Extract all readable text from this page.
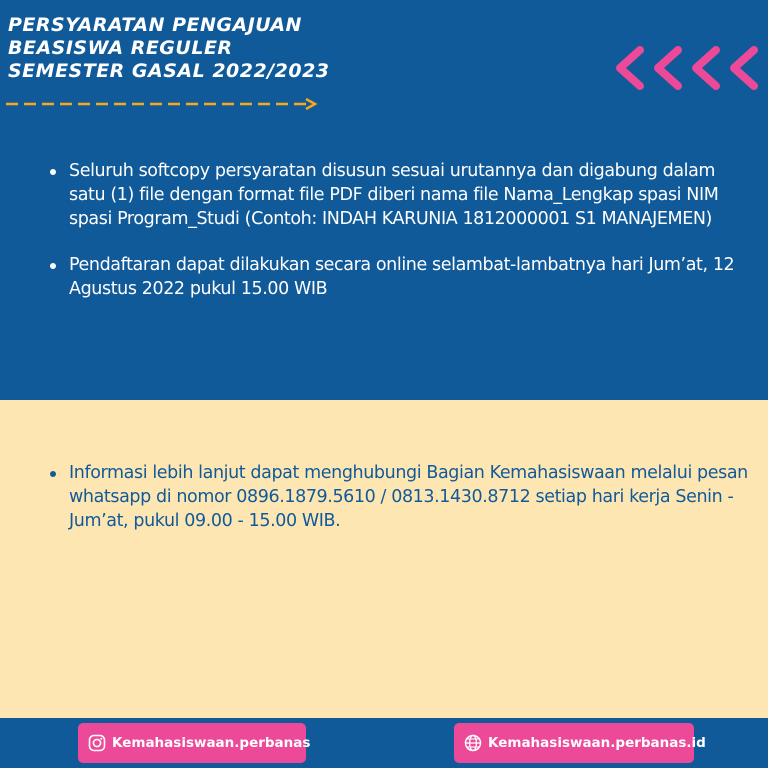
PERSYARATAN PENGAJUAN
BEASISWA REGULER
SEMESTER GASAL 2022/2023
Seluruh softcopy persyaratan disusun sesuai urutannya dan digabung dalam satu (1) file dengan format file PDF diberi nama file Nama_Lengkap spasi NIM spasi Program_Studi (Contoh: INDAH KARUNIA 1812000001 S1 MANAJEMEN)
Pendaftaran dapat dilakukan secara online selambat-lambatnya hari Jum’at, 12 Agustus 2022 pukul 15.00 WIB
Informasi lebih lanjut dapat menghubungi Bagian Kemahasiswaan melalui pesan whatsapp di nomor 0896.1879.5610 / 0813.1430.8712 setiap hari kerja Senin - Jum’at, pukul 09.00 - 15.00 WIB.
Kemahasiswaan.perbanas	Kemahasiswaan.perbanas.id
